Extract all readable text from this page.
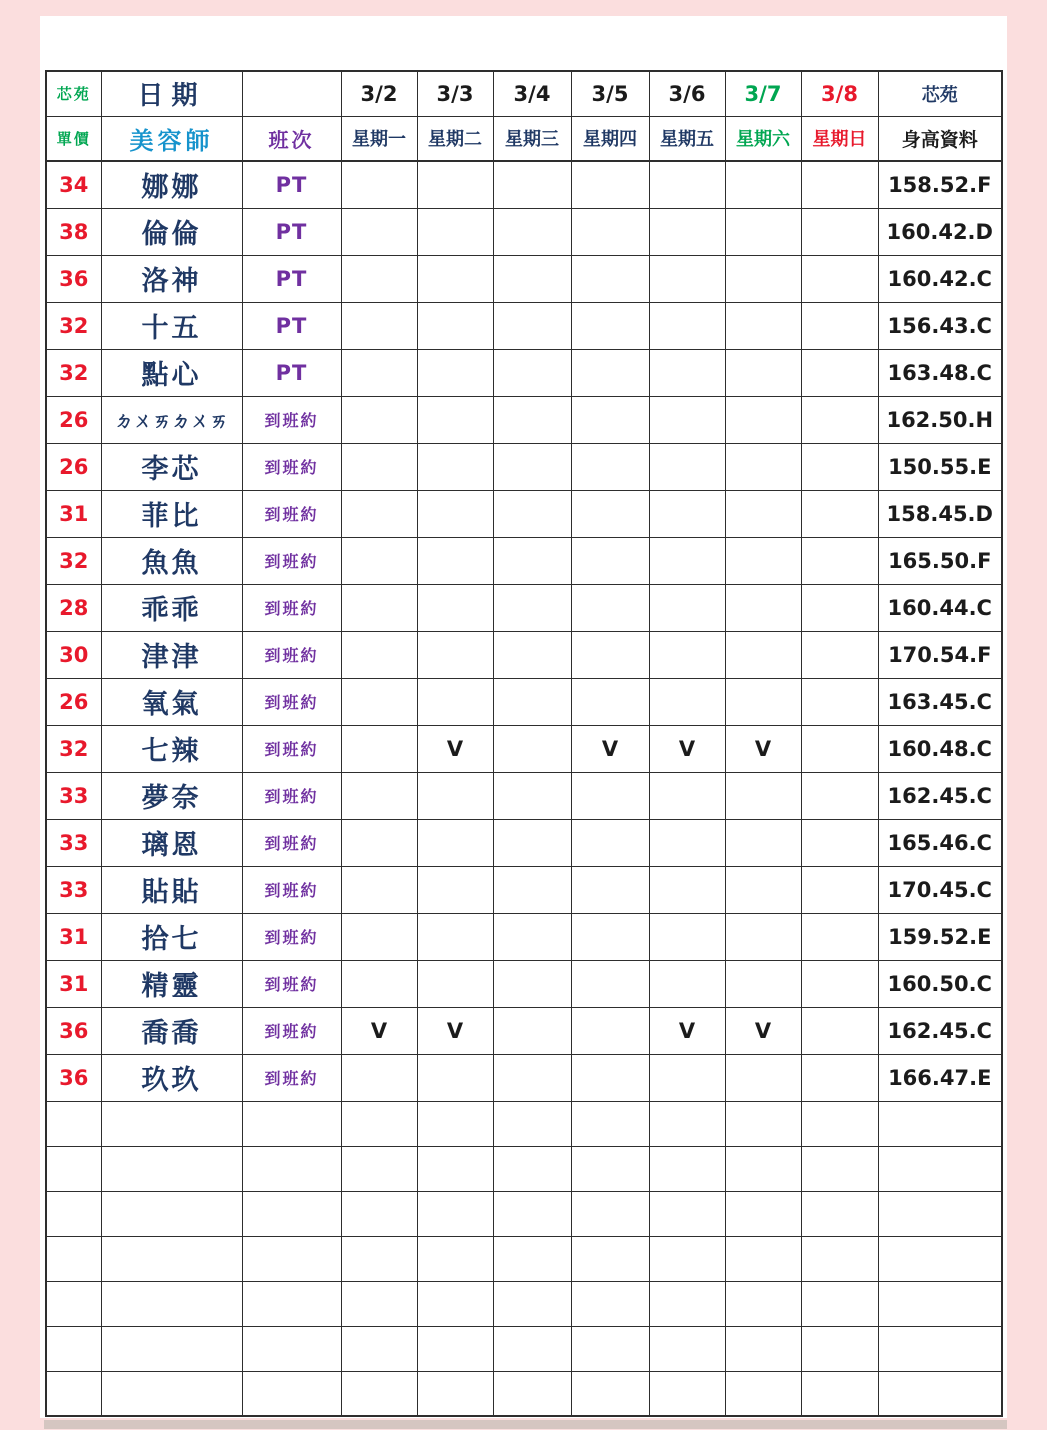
芯苑	日期		3/2	3/3	3/4	3/5	3/6	3/7	3/8	芯苑
單價	美容師	班次	星期一	星期二	星期三	星期四	星期五	星期六	星期日	身高資料
34	娜娜	PT								158.52.F
38	倫倫	PT								160.42.D
36	洛神	PT								160.42.C
32	十五	PT								156.43.C
32	點心	PT								163.48.C
26	ㄉㄨㄞㄉㄨㄞ	到班約								162.50.H
26	李芯	到班約								150.55.E
31	菲比	到班約								158.45.D
32	魚魚	到班約								165.50.F
28	乖乖	到班約								160.44.C
30	津津	到班約								170.54.F
26	氧氣	到班約								163.45.C
32	七辣	到班約		V		V	V	V		160.48.C
33	夢奈	到班約								162.45.C
33	璃恩	到班約								165.46.C
33	貼貼	到班約								170.45.C
31	拾七	到班約								159.52.E
31	精靈	到班約								160.50.C
36	喬喬	到班約	V	V			V	V		162.45.C
36	玖玖	到班約								166.47.E
